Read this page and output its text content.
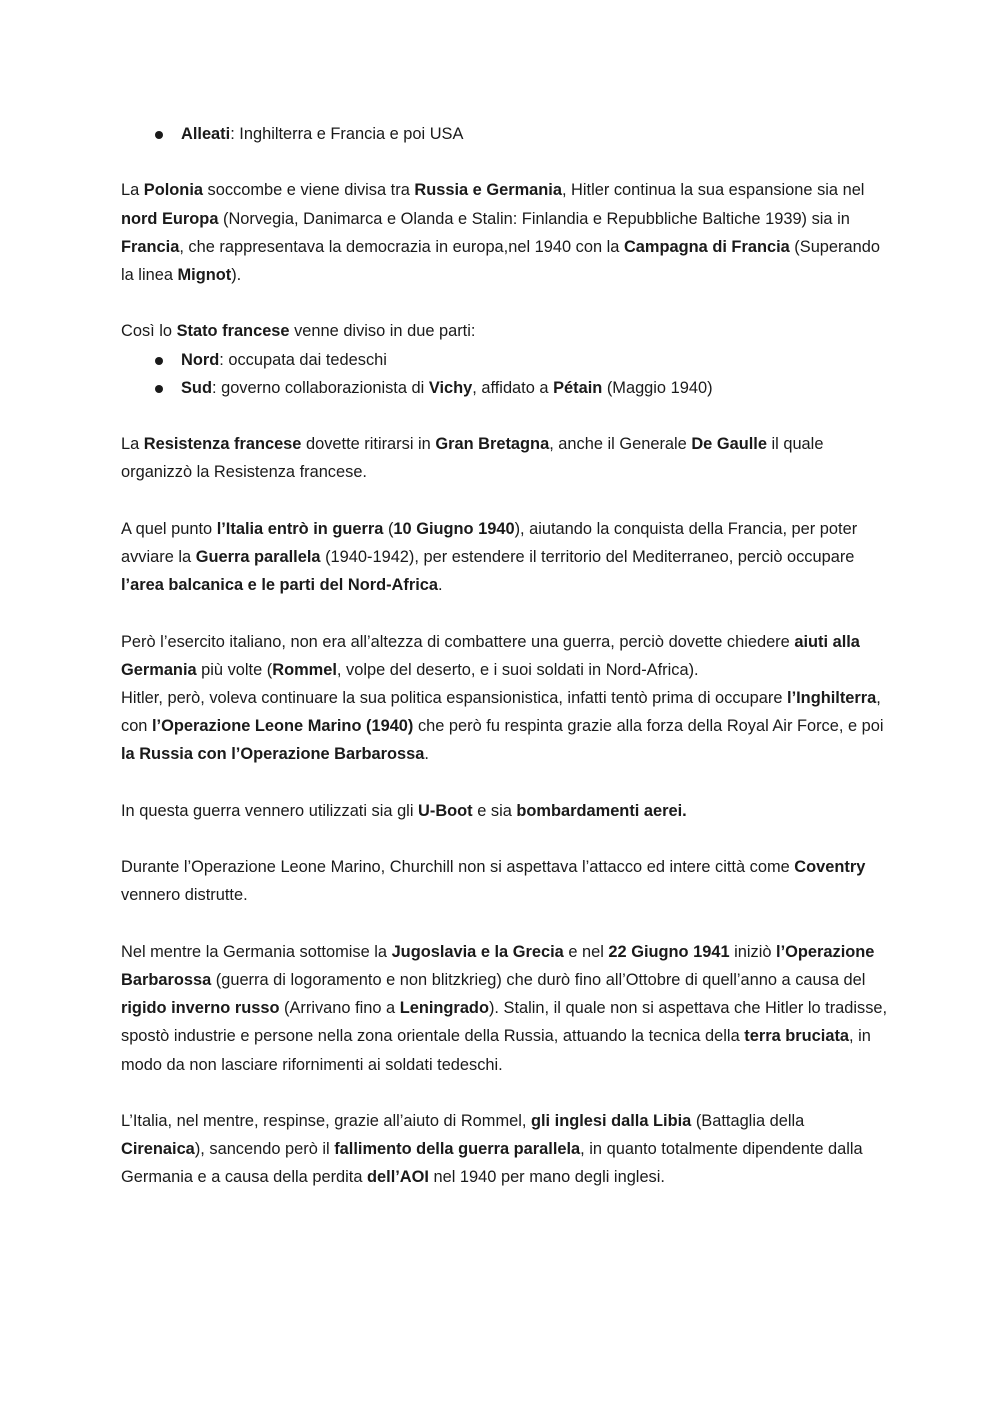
Alleati: Inghilterra e Francia e poi USA

La Polonia soccombe e viene divisa tra Russia e Germania, Hitler continua la sua espansione sia nel nord Europa (Norvegia, Danimarca e Olanda e Stalin: Finlandia e Repubbliche Baltiche 1939) sia in Francia, che rappresentava la democrazia in europa,nel 1940 con la Campagna di Francia (Superando la linea Mignot).

Così lo Stato francese venne diviso in due parti:

Nord: occupata dai tedeschi
Sud: governo collaborazionista di Vichy, affidato a Pétain (Maggio 1940)

La Resistenza francese dovette ritirarsi in Gran Bretagna, anche il Generale De Gaulle il quale organizzò la Resistenza francese.

A quel punto l’Italia entrò in guerra (10 Giugno 1940), aiutando la conquista della Francia, per poter avviare la Guerra parallela (1940-1942), per estendere il territorio del Mediterraneo, perciò occupare l’area balcanica e le parti del Nord-Africa.

Però l’esercito italiano, non era all’altezza di combattere una guerra, perciò dovette chiedere aiuti alla Germania più volte (Rommel, volpe del deserto, e i suoi soldati in Nord-Africa).

Hitler, però, voleva continuare la sua politica espansionistica, infatti tentò prima di occupare l’Inghilterra, con l’Operazione Leone Marino (1940) che però fu respinta grazie alla forza della Royal Air Force, e poi la Russia con l’Operazione Barbarossa.

In questa guerra vennero utilizzati sia gli U-Boot e sia bombardamenti aerei.

Durante l’Operazione Leone Marino, Churchill non si aspettava l’attacco ed intere città come Coventry vennero distrutte.

Nel mentre la Germania sottomise la Jugoslavia e la Grecia e nel 22 Giugno 1941 iniziò l’Operazione Barbarossa (guerra di logoramento e non blitzkrieg) che durò fino all’Ottobre di quell’anno a causa del rigido inverno russo (Arrivano fino a Leningrado). Stalin, il quale non si aspettava che Hitler lo tradisse, spostò industrie e persone nella zona orientale della Russia, attuando la tecnica della terra bruciata, in modo da non lasciare rifornimenti ai soldati tedeschi.

L’Italia, nel mentre, respinse, grazie all’aiuto di Rommel, gli inglesi dalla Libia (Battaglia della Cirenaica), sancendo però il fallimento della guerra parallela, in quanto totalmente dipendente dalla Germania e a causa della perdita dell’AOI nel 1940 per mano degli inglesi.
